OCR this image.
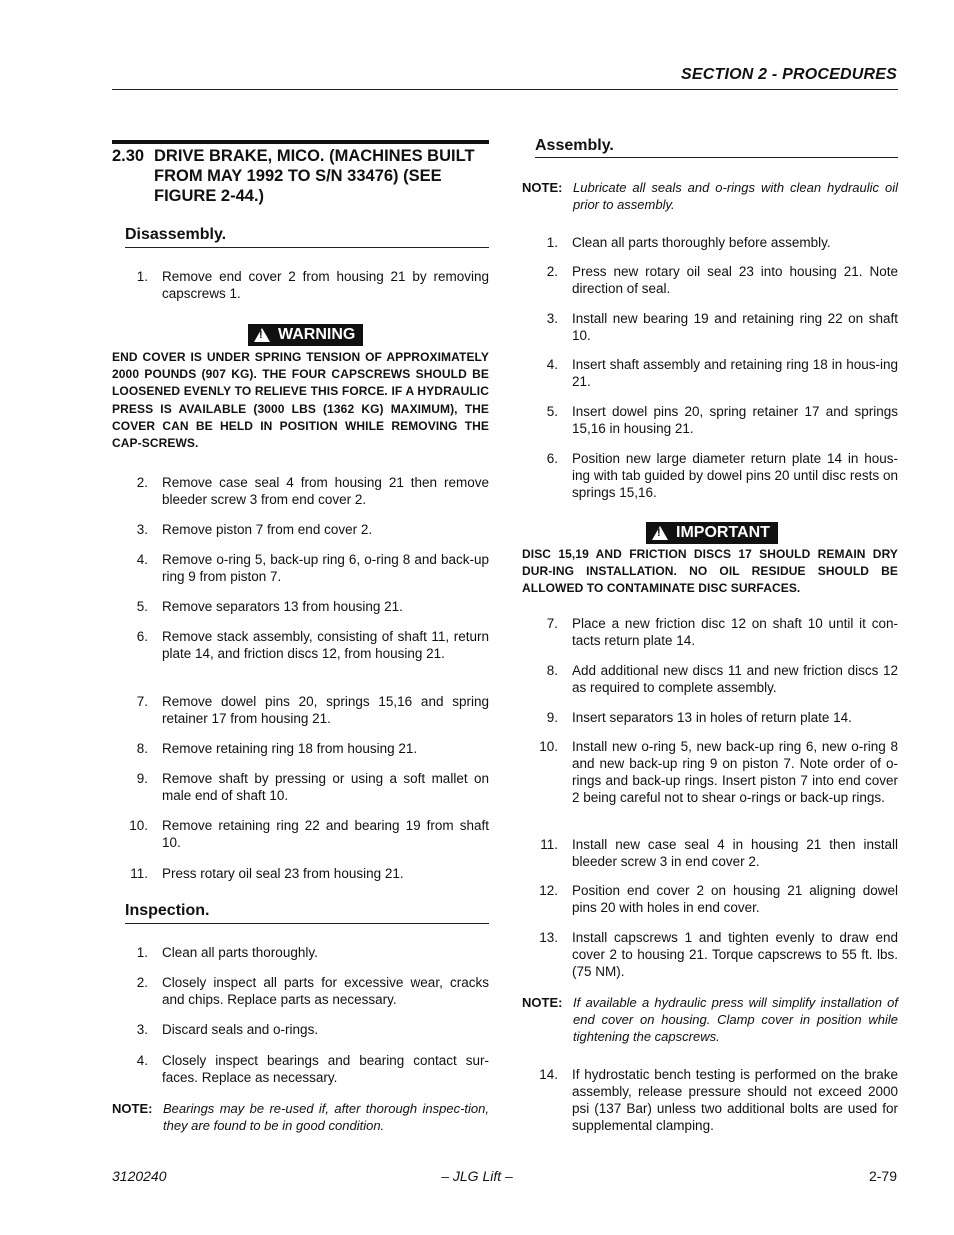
SECTION 2 - PROCEDURES
2.30 DRIVE BRAKE, MICO. (MACHINES BUILT FROM MAY 1992 TO S/N 33476) (SEE FIGURE 2-44.)
Disassembly.
1. Remove end cover 2 from housing 21 by removing capscrews 1.
!
WARNING
END COVER IS UNDER SPRING TENSION OF APPROXIMATELY 2000 POUNDS (907 KG). THE FOUR CAPSCREWS SHOULD BE LOOSENED EVENLY TO RELIEVE THIS FORCE. IF A HYDRAULIC PRESS IS AVAILABLE (3000 LBS (1362 KG) MAXIMUM), THE COVER CAN BE HELD IN POSITION WHILE REMOVING THE CAP-SCREWS.
2. Remove case seal 4 from housing 21 then remove bleeder screw 3 from end cover 2.
3. Remove piston 7 from end cover 2.
4. Remove o-ring 5, back-up ring 6, o-ring 8 and back-up ring 9 from piston 7.
5. Remove separators 13 from housing 21.
6. Remove stack assembly, consisting of shaft 11, return plate 14, and friction discs 12, from housing 21.
7. Remove dowel pins 20, springs 15,16 and spring retainer 17 from housing 21.
8. Remove retaining ring 18 from housing 21.
9. Remove shaft by pressing or using a soft mallet on male end of shaft 10.
10. Remove retaining ring 22 and bearing 19 from shaft 10.
11. Press rotary oil seal 23 from housing 21.
Inspection.
1. Clean all parts thoroughly.
2. Closely inspect all parts for excessive wear, cracks and chips. Replace parts as necessary.
3. Discard seals and o-rings.
4. Closely inspect bearings and bearing contact sur-faces. Replace as necessary.
NOTE: Bearings may be re-used if, after thorough inspec-tion, they are found to be in good condition.
Assembly.
NOTE: Lubricate all seals and o-rings with clean hydraulic oil prior to assembly.
1. Clean all parts thoroughly before assembly.
2. Press new rotary oil seal 23 into housing 21. Note direction of seal.
3. Install new bearing 19 and retaining ring 22 on shaft 10.
4. Insert shaft assembly and retaining ring 18 in hous-ing 21.
5. Insert dowel pins 20, spring retainer 17 and springs 15,16 in housing 21.
6. Position new large diameter return plate 14 in hous-ing with tab guided by dowel pins 20 until disc rests on springs 15,16.
!
IMPORTANT
DISC 15,19 AND FRICTION DISCS 17 SHOULD REMAIN DRY DUR-ING INSTALLATION. NO OIL RESIDUE SHOULD BE ALLOWED TO CONTAMINATE DISC SURFACES.
7. Place a new friction disc 12 on shaft 10 until it con-tacts return plate 14.
8. Add additional new discs 11 and new friction discs 12 as required to complete assembly.
9. Insert separators 13 in holes of return plate 14.
10. Install new o-ring 5, new back-up ring 6, new o-ring 8 and new back-up ring 9 on piston 7. Note order of o-rings and back-up rings. Insert piston 7 into end cover 2 being careful not to shear o-rings or back-up rings.
11. Install new case seal 4 in housing 21 then install bleeder screw 3 in end cover 2.
12. Position end cover 2 on housing 21 aligning dowel pins 20 with holes in end cover.
13. Install capscrews 1 and tighten evenly to draw end cover 2 to housing 21. Torque capscrews to 55 ft. lbs. (75 NM).
NOTE: If available a hydraulic press will simplify installation of end cover on housing. Clamp cover in position while tightening the capscrews.
14. If hydrostatic bench testing is performed on the brake assembly, release pressure should not exceed 2000 psi (137 Bar) unless two additional bolts are used for supplemental clamping.
3120240	– JLG Lift –	2-79
